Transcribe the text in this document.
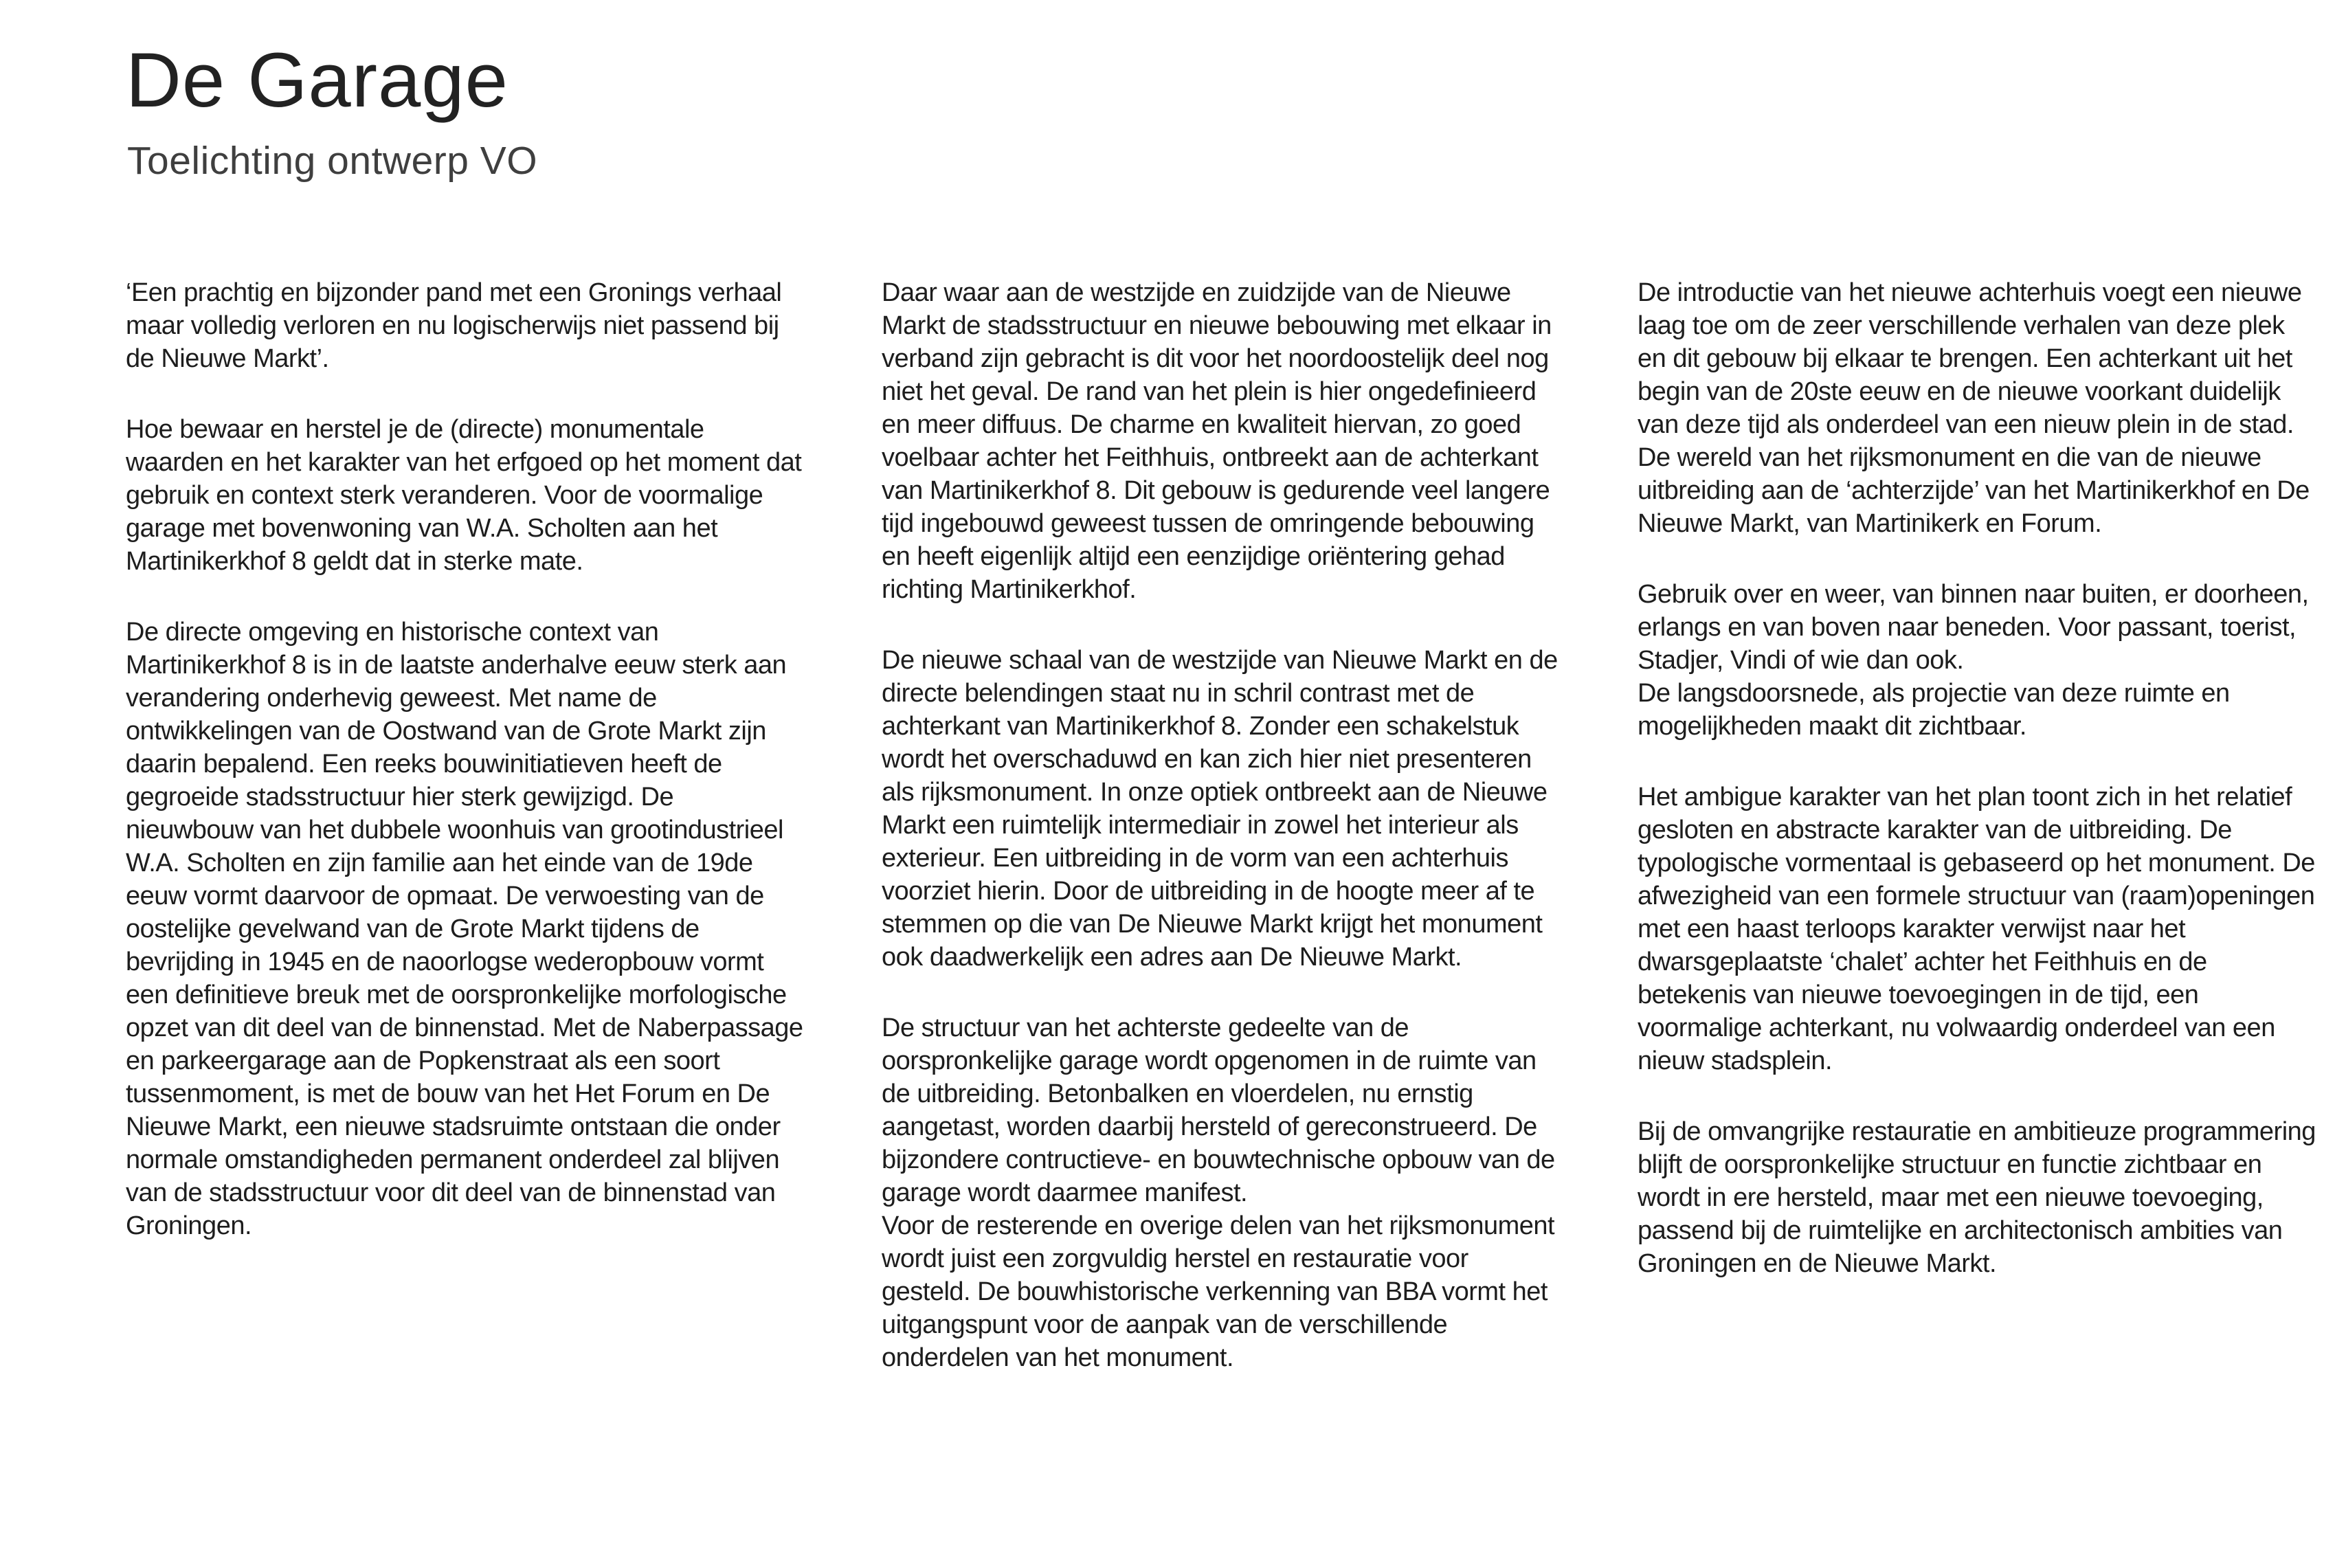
De Garage
Toelichting ontwerp VO

‘Een prachtig en bijzonder pand met een Gronings verhaal maar volledig verloren en nu logischerwijs niet passend bij de Nieuwe Markt’.

Hoe bewaar en herstel je de (directe) monumentale waarden en het karakter van het erfgoed op het moment dat gebruik en context sterk veranderen. Voor de voormalige garage met bovenwoning van W.A. Scholten aan het Martinikerkhof 8 geldt dat in sterke mate.

De directe omgeving en historische context van Martinikerkhof 8 is in de laatste anderhalve eeuw sterk aan verandering onderhevig geweest. Met name de ontwikkelingen van de Oostwand van de Grote Markt zijn daarin bepalend. Een reeks bouwinitiatieven heeft de gegroeide stadsstructuur hier sterk gewijzigd. De nieuwbouw van het dubbele woonhuis van grootindustrieel W.A. Scholten en zijn familie aan het einde van de 19de eeuw vormt daarvoor de opmaat. De verwoesting van de oostelijke gevelwand van de Grote Markt tijdens de bevrijding in 1945 en de naoorlogse wederopbouw vormt een definitieve breuk met de oorspronkelijke morfologische opzet van dit deel van de binnenstad. Met de Naberpassage en parkeergarage aan de Popkenstraat als een soort tussenmoment, is met de bouw van het Het Forum en De Nieuwe Markt, een nieuwe stadsruimte ontstaan die onder normale omstandigheden permanent onderdeel zal blijven van de stadsstructuur voor dit deel van de binnenstad van Groningen.

Daar waar aan de westzijde en zuidzijde van de Nieuwe Markt de stadsstructuur en nieuwe bebouwing met elkaar in verband zijn gebracht is dit voor het noordoostelijk deel nog niet het geval. De rand van het plein is hier ongedefinieerd en meer diffuus. De charme en kwaliteit hiervan, zo goed voelbaar achter het Feithhuis, ontbreekt aan de achterkant van Martinikerkhof 8. Dit gebouw is gedurende veel langere tijd ingebouwd geweest tussen de omringende bebouwing en heeft eigenlijk altijd een eenzijdige oriëntering gehad richting Martinikerkhof.

De nieuwe schaal van de westzijde van Nieuwe Markt en de directe belendingen staat nu in schril contrast met de achterkant van Martinikerkhof 8. Zonder een schakelstuk wordt het overschaduwd en kan zich hier niet presenteren als rijksmonument. In onze optiek ontbreekt aan de Nieuwe Markt een ruimtelijk intermediair in zowel het interieur als exterieur. Een uitbreiding in de vorm van een achterhuis voorziet hierin. Door de uitbreiding in de hoogte meer af te stemmen op die van De Nieuwe Markt krijgt het monument ook daadwerkelijk een adres aan De Nieuwe Markt.

De structuur van het achterste gedeelte van de oorspronkelijke garage wordt opgenomen in de ruimte van de uitbreiding. Betonbalken en vloerdelen, nu ernstig aangetast, worden daarbij hersteld of gereconstrueerd. De bijzondere contructieve- en bouwtechnische opbouw van de garage wordt daarmee manifest.
Voor de resterende en overige delen van het rijksmonument wordt juist een zorgvuldig herstel en restauratie voor gesteld. De bouwhistorische verkenning van BBA vormt het uitgangspunt voor de aanpak van de verschillende onderdelen van het monument.

De introductie van het nieuwe achterhuis voegt een nieuwe laag toe om de zeer verschillende verhalen van deze plek en dit gebouw bij elkaar te brengen. Een achterkant uit het begin van de 20ste eeuw en de nieuwe voorkant duidelijk van deze tijd als onderdeel van een nieuw plein in de stad. De wereld van het rijksmonument en die van de nieuwe uitbreiding aan de ‘achterzijde’ van het Martinikerkhof en De Nieuwe Markt, van Martinikerk en Forum.

Gebruik over en weer, van binnen naar buiten, er doorheen, erlangs en van boven naar beneden. Voor passant, toerist, Stadjer, Vindi of wie dan ook.
De langsdoorsnede, als projectie van deze ruimte en mogelijkheden maakt dit zichtbaar.

Het ambigue karakter van het plan toont zich in het relatief gesloten en abstracte karakter van de uitbreiding. De typologische vormentaal is gebaseerd op het monument. De afwezigheid van een formele structuur van (raam)openingen met een haast terloops karakter verwijst naar het dwarsgeplaatste ‘chalet’ achter het Feithhuis en de betekenis van nieuwe toevoegingen in de tijd, een voormalige achterkant, nu volwaardig onderdeel van een nieuw stadsplein.

Bij de omvangrijke restauratie en ambitieuze programmering blijft de oorspronkelijke structuur en functie zichtbaar en wordt in ere hersteld, maar met een nieuwe toevoeging, passend bij de ruimtelijke en architectonisch ambities van Groningen en de Nieuwe Markt.
